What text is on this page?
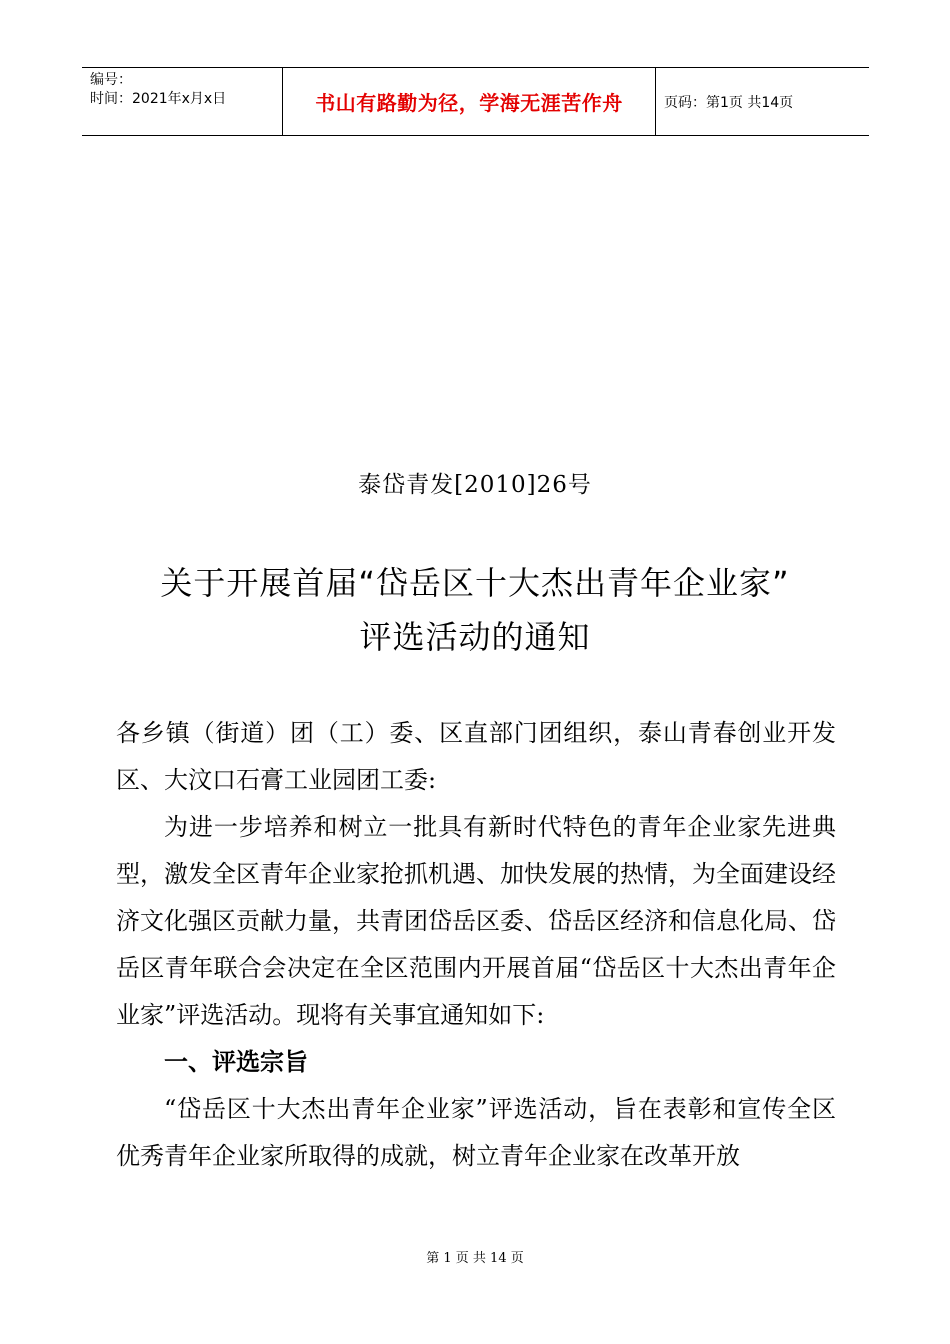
编号：
时间：2021年x月x日	书山有路勤为径，学海无涯苦作舟	页码：第1页 共14页
泰岱青发[2010]26号
关于开展首届“岱岳区十大杰出青年企业家”
评选活动的通知

各乡镇（街道）团（工）委、区直部门团组织，泰山青春创业开发区、大汶口石膏工业园团工委:

为进一步培养和树立一批具有新时代特色的青年企业家先进典型，激发全区青年企业家抢抓机遇、加快发展的热情，为全面建设经济文化强区贡献力量，共青团岱岳区委、岱岳区经济和信息化局、岱岳区青年联合会决定在全区范围内开展首届“岱岳区十大杰出青年企业家”评选活动。现将有关事宜通知如下:

一、评选宗旨

“岱岳区十大杰出青年企业家”评选活动，旨在表彰和宣传全区优秀青年企业家所取得的成就，树立青年企业家在改革开放

第 1 页 共 14 页
